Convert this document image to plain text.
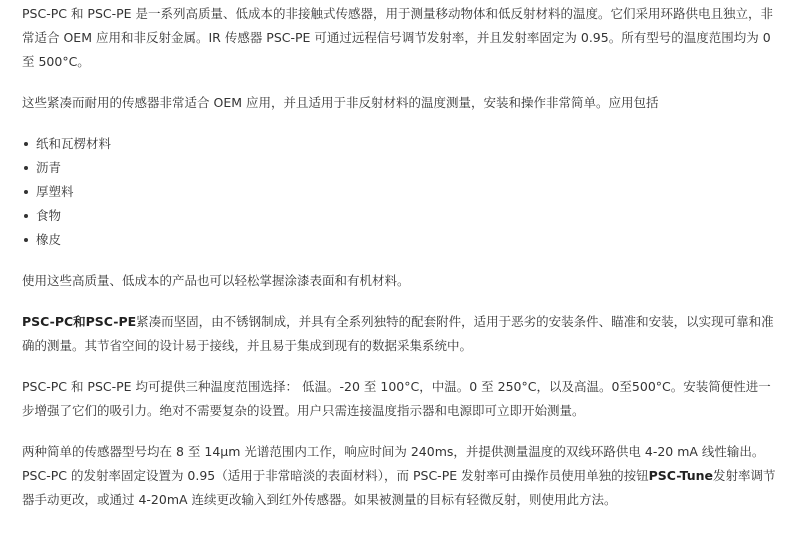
PSC-PC 和 PSC-PE 是一系列高质量、低成本的非接触式传感器，用于测量移动物体和低反射材料的温度。它们采用环路供电且独立，非常适合 OEM 应用和非反射金属。IR 传感器 PSC-PE 可通过远程信号调节发射率，并且发射率固定为 0.95。所有型号的温度范围均为 0 至 500°C。

这些紧凑而耐用的传感器非常适合 OEM 应用，并且适用于非反射材料的温度测量，安装和操作非常简单。应用包括

纸和瓦楞材料
沥青
厚塑料
食物
橡皮

使用这些高质量、低成本的产品也可以轻松掌握涂漆表面和有机材料。

PSC-PC和PSC-PE紧凑而坚固，由不锈钢制成，并具有全系列独特的配套附件，适用于恶劣的安装条件、瞄准和安装，以实现可靠和准确的测量。其节省空间的设计易于接线，并且易于集成到现有的数据采集系统中。

PSC-PC 和 PSC-PE 均可提供三种温度范围选择： 低温。-20 至 100°C，中温。0 至 250°C，以及高温。0至500°C。安装简便性进一步增强了它们的吸引力。绝对不需要复杂的设置。用户只需连接温度指示器和电源即可立即开始测量。

两种简单的传感器型号均在 8 至 14μm 光谱范围内工作，响应时间为 240ms，并提供测量温度的双线环路供电 4-20 mA 线性输出。PSC-PC 的发射率固定设置为 0.95（适用于非常暗淡的表面材料），而 PSC-PE 发射率可由操作员使用单独的按钮PSC-Tune发射率调节器手动更改，或通过 4-20mA 连续更改输入到红外传感器。如果被测量的目标有轻微反射，则使用此方法。
